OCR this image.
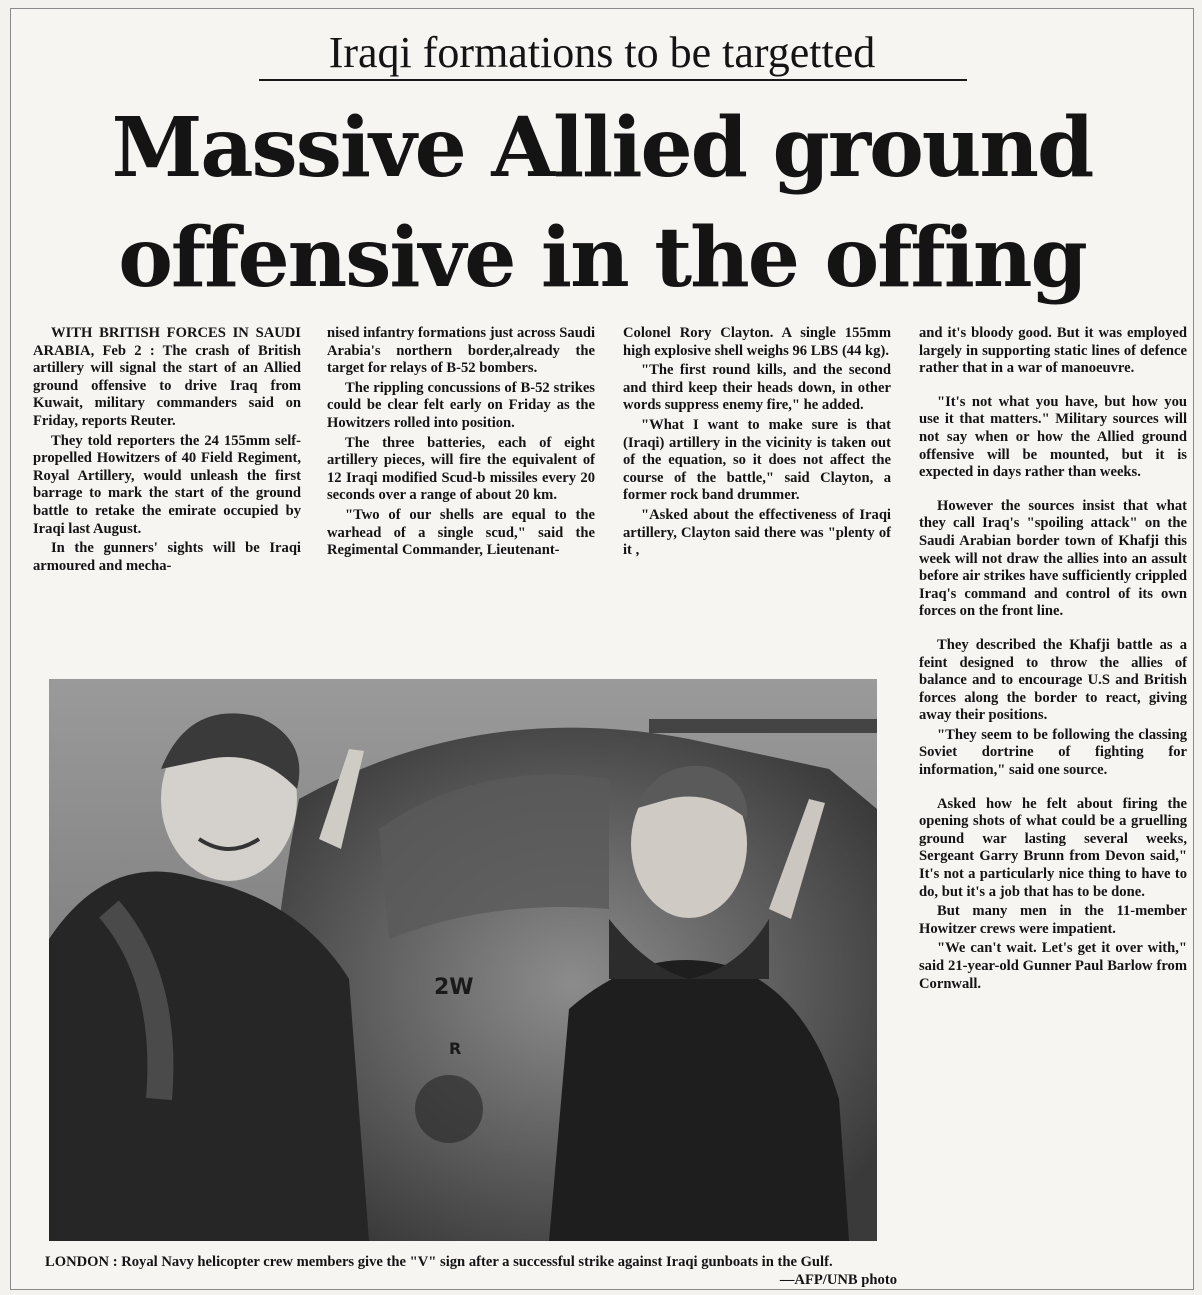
Iraqi formations to be targetted
Massive Allied ground
offensive in the offing

WITH BRITISH FORCES IN SAUDI ARABIA, Feb 2 : The crash of British artillery will signal the start of an Allied ground offensive to drive Iraq from Kuwait, military commanders said on Friday, reports Reuter.

They told reporters the 24 155mm self-propelled Howitzers of 40 Field Regiment, Royal Artillery, would unleash the first barrage to mark the start of the ground battle to retake the emirate occupied by Iraqi last August.

In the gunners' sights will be Iraqi armoured and mecha-

nised infantry formations just across Saudi Arabia's northern border,already the target for relays of B-52 bombers.

The rippling concussions of B-52 strikes could be clear felt early on Friday as the Howitzers rolled into position.

The three batteries, each of eight artillery pieces, will fire the equivalent of 12 Iraqi modified Scud-b missiles every 20 seconds over a range of about 20 km.

"Two of our shells are equal to the warhead of a single scud," said the Regimental Commander, Lieutenant-

Colonel Rory Clayton. A single 155mm high explosive shell weighs 96 LBS (44 kg).

"The first round kills, and the second and third keep their heads down, in other words suppress enemy fire," he added.

"What I want to make sure is that (Iraqi) artillery in the vicinity is taken out of the equation, so it does not affect the course of the battle," said Clayton, a former rock band drummer.

"Asked about the effectiveness of Iraqi artillery, Clayton said there was "plenty of it ,

and it's bloody good. But it was employed largely in supporting static lines of defence rather that in a war of manoeuvre.

"It's not what you have, but how you use it that matters." Military sources will not say when or how the Allied ground offensive will be mounted, but it is expected in days rather than weeks.

However the sources insist that what they call Iraq's "spoiling attack" on the Saudi Arabian border town of Khafji this week will not draw the allies into an assult before air strikes have sufficiently crippled Iraq's command and control of its own forces on the front line.

They described the Khafji battle as a feint designed to throw the allies of balance and to encourage U.S and British forces along the border to react, giving away their positions.

"They seem to be following the classing Soviet dortrine of fighting for information," said one source.

Asked how he felt about firing the opening shots of what could be a gruelling ground war lasting several weeks, Sergeant Garry Brunn from Devon said," It's not a particularly nice thing to have to do, but it's a job that has to be done.

But many men in the 11-member Howitzer crews were impatient.

"We can't wait. Let's get it over with," said 21-year-old Gunner Paul Barlow from Cornwall.

2W
R
LONDON : Royal Navy helicopter crew members give the "V" sign after a successful strike against Iraqi gunboats in the Gulf.
—AFP/UNB photo
